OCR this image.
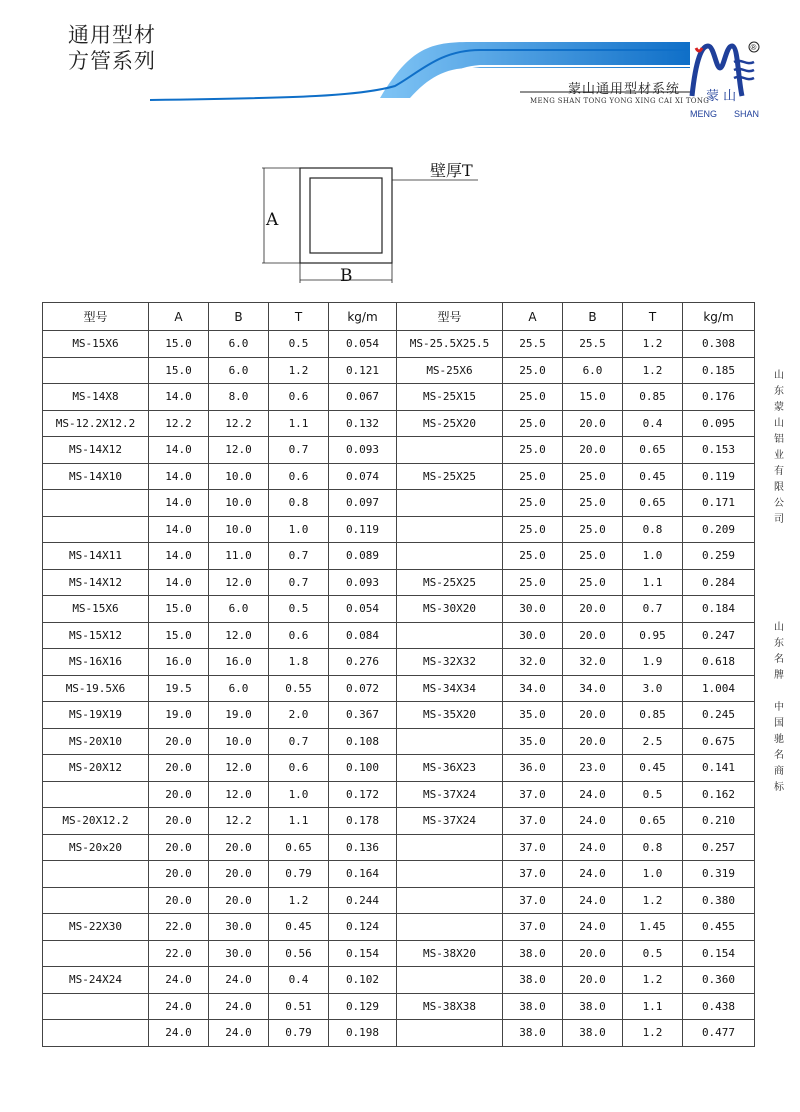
通用型材
方管系列
蒙山通用型材系统
MENG SHAN TONG YONG XING CAI XI TONG
®
蒙 山
MENG SHAN
壁厚T
A
B
型号	A	B	T	kg/m	型号	A	B	T	kg/m
MS-15X6	15.0	6.0	0.5	0.054	MS-25.5X25.5	25.5	25.5	1.2	0.308
	15.0	6.0	1.2	0.121	MS-25X6	25.0	6.0	1.2	0.185
MS-14X8	14.0	8.0	0.6	0.067	MS-25X15	25.0	15.0	0.85	0.176
MS-12.2X12.2	12.2	12.2	1.1	0.132	MS-25X20	25.0	20.0	0.4	0.095
MS-14X12	14.0	12.0	0.7	0.093		25.0	20.0	0.65	0.153
MS-14X10	14.0	10.0	0.6	0.074	MS-25X25	25.0	25.0	0.45	0.119
	14.0	10.0	0.8	0.097		25.0	25.0	0.65	0.171
	14.0	10.0	1.0	0.119		25.0	25.0	0.8	0.209
MS-14X11	14.0	11.0	0.7	0.089		25.0	25.0	1.0	0.259
MS-14X12	14.0	12.0	0.7	0.093	MS-25X25	25.0	25.0	1.1	0.284
MS-15X6	15.0	6.0	0.5	0.054	MS-30X20	30.0	20.0	0.7	0.184
MS-15X12	15.0	12.0	0.6	0.084		30.0	20.0	0.95	0.247
MS-16X16	16.0	16.0	1.8	0.276	MS-32X32	32.0	32.0	1.9	0.618
MS-19.5X6	19.5	6.0	0.55	0.072	MS-34X34	34.0	34.0	3.0	1.004
MS-19X19	19.0	19.0	2.0	0.367	MS-35X20	35.0	20.0	0.85	0.245
MS-20X10	20.0	10.0	0.7	0.108		35.0	20.0	2.5	0.675
MS-20X12	20.0	12.0	0.6	0.100	MS-36X23	36.0	23.0	0.45	0.141
	20.0	12.0	1.0	0.172	MS-37X24	37.0	24.0	0.5	0.162
MS-20X12.2	20.0	12.2	1.1	0.178	MS-37X24	37.0	24.0	0.65	0.210
MS-20x20	20.0	20.0	0.65	0.136		37.0	24.0	0.8	0.257
	20.0	20.0	0.79	0.164		37.0	24.0	1.0	0.319
	20.0	20.0	1.2	0.244		37.0	24.0	1.2	0.380
MS-22X30	22.0	30.0	0.45	0.124		37.0	24.0	1.45	0.455
	22.0	30.0	0.56	0.154	MS-38X20	38.0	20.0	0.5	0.154
MS-24X24	24.0	24.0	0.4	0.102		38.0	20.0	1.2	0.360
	24.0	24.0	0.51	0.129	MS-38X38	38.0	38.0	1.1	0.438
	24.0	24.0	0.79	0.198		38.0	38.0	1.2	0.477
山东蒙山铝业有限公司
山东名牌
中国驰名商标
